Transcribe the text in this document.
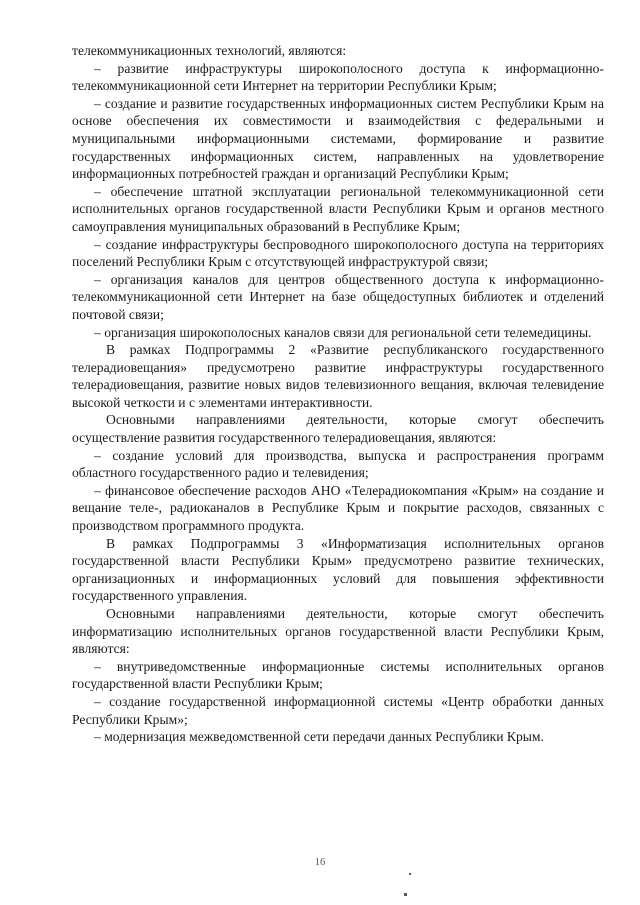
телекоммуникационных технологий, являются:

– развитие инфраструктуры широкополосного доступа к информационно-телекоммуникационной сети Интернет на территории Республики Крым;

– создание и развитие государственных информационных систем Республики Крым на основе обеспечения их совместимости и взаимодействия с федеральными и муниципальными информационными системами, формирование и развитие государственных информационных систем, направленных на удовлетворение информационных потребностей граждан и организаций Республики Крым;

– обеспечение штатной эксплуатации региональной телекоммуникационной сети исполнительных органов государственной власти Республики Крым и органов местного самоуправления муниципальных образований в Республике Крым;

– создание инфраструктуры беспроводного широкополосного доступа на территориях поселений Республики Крым с отсутствующей инфраструктурой связи;

– организация каналов для центров общественного доступа к информационно-телекоммуникационной сети Интернет на базе общедоступных библиотек и отделений почтовой связи;

– организация широкополосных каналов связи для региональной сети телемедицины.

В рамках Подпрограммы 2 «Развитие республиканского государственного телерадиовещания» предусмотрено развитие инфраструктуры государственного телерадиовещания, развитие новых видов телевизионного вещания, включая телевидение высокой четкости и с элементами интерактивности.

Основными направлениями деятельности, которые смогут обеспечить осуществление развития государственного телерадиовещания, являются:

– создание условий для производства, выпуска и распространения программ областного государственного радио и телевидения;

– финансовое обеспечение расходов АНО «Телерадиокомпания «Крым» на создание и вещание теле-, радиоканалов в Республике Крым и покрытие расходов, связанных с производством программного продукта.

В рамках Подпрограммы 3 «Информатизация исполнительных органов государственной власти Республики Крым» предусмотрено развитие технических, организационных и информационных условий для повышения эффективности государственного управления.

Основными направлениями деятельности, которые смогут обеспечить информатизацию исполнительных органов государственной власти Республики Крым, являются:

– внутриведомственные информационные системы исполнительных органов государственной власти Республики Крым;

– создание государственной информационной системы «Центр обработки данных Республики Крым»;

– модернизация межведомственной сети передачи данных Республики Крым.

16
